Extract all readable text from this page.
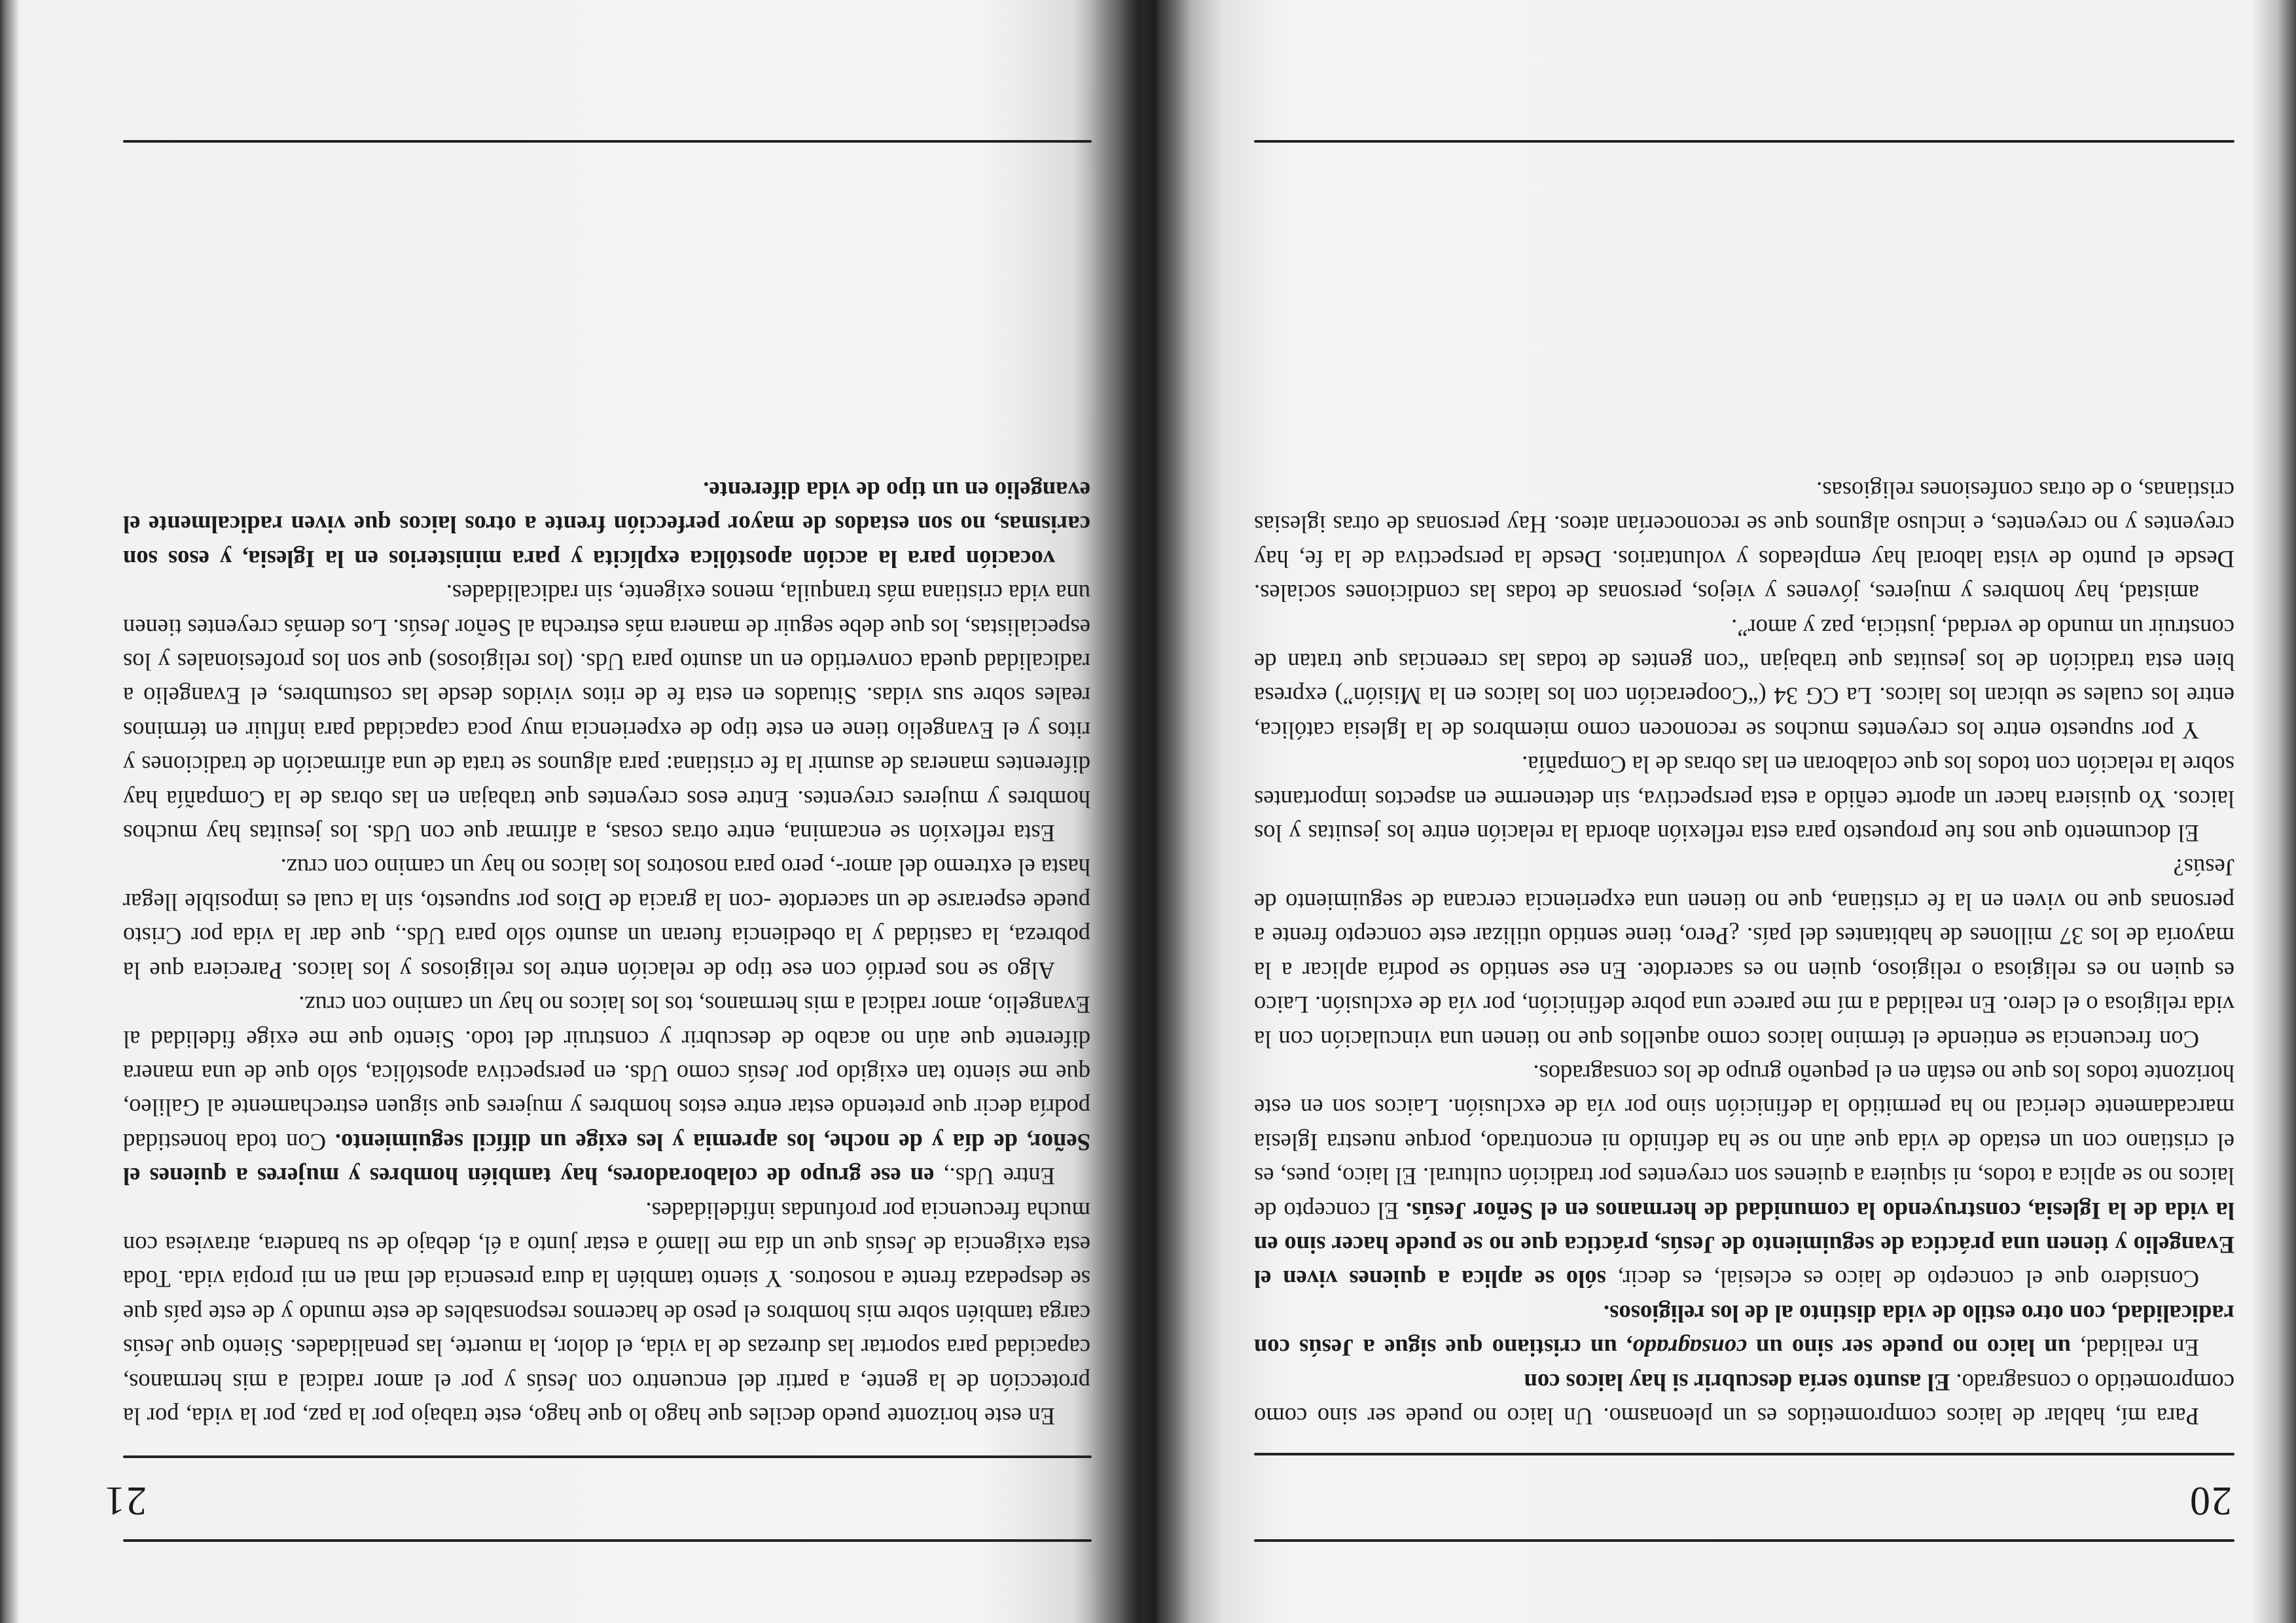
20

Para mí, hablar de laicos comprometidos es un pleonasmo. Un laico no puede ser sino como comprometido o consagrado. El asunto sería descubrir si hay laicos con

En realidad, un laico no puede ser sino un consagrado, un cristiano que sigue a Jesús con radicalidad, con otro estilo de vida distinto al de los religiosos.

Considero que el concepto de laico es eclesial, es decir, sólo se aplica a quienes viven el Evangelio y tienen una práctica de seguimiento de Jesús, práctica que no se puede hacer sino en la vida de la Iglesia, construyendo la comunidad de hermanos en el Señor Jesús. El concepto de laicos no se aplica a todos, ni siquiera a quienes son creyentes por tradición cultural. El laico, pues, es el cristiano con un estado de vida que aún no se ha definido ni encontrado, porque nuestra Iglesia marcadamente clerical no ha permitido la definición sino por vía de exclusión. Laicos son en este horizonte todos los que no están en el pequeño grupo de los consagrados.

Con frecuencia se entiende el término laicos como aquellos que no tienen una vinculación con la vida religiosa o el clero. En realidad a mí me parece una pobre definición, por vía de exclusión. Laico es quien no es religiosa o religioso, quien no es sacerdote. En ese sentido se podría aplicar a la mayoría de los 37 millones de habitantes del país. ¿Pero, tiene sentido utilizar este concepto frente a personas que no viven en la fe cristiana, que no tienen una experiencia cercana de seguimiento de Jesús?

El documento que nos fue propuesto para esta reflexión aborda la relación entre los jesuitas y los laicos. Yo quisiera hacer un aporte ceñido a esta perspectiva, sin detenerme en aspectos importantes sobre la relación con todos los que colaboran en las obras de la Compañía.

Y por supuesto entre los creyentes muchos se reconocen como miembros de la Iglesia católica, entre los cuales se ubican los laicos. La CG 34 (“Cooperación con los laicos en la Misión”) expresa bien esta tradición de los jesuitas que trabajan “con gentes de todas las creencias que tratan de construir un mundo de verdad, justicia, paz y amor”.

amistad, hay hombres y mujeres, jóvenes y viejos, personas de todas las condiciones sociales. Desde el punto de vista laboral hay empleados y voluntarios. Desde la perspectiva de la fe, hay creyentes y no creyentes, e incluso algunos que se reconocerían ateos. Hay personas de otras iglesias cristianas, o de otras confesiones religiosas.

21

En este horizonte puedo deciles que hago lo que hago, este trabajo por la paz, por la vida, por la protección de la gente, a partir del encuentro con Jesús y por el amor radical a mis hermanos, capacidad para soportar las durezas de la vida, el dolor, la muerte, las penalidades. Siento que Jesús carga también sobre mis hombros el peso de hacernos responsables de este mundo y de este país que se despedaza frente a nosotros. Y siento también la dura presencia del mal en mi propia vida. Toda esta exigencia de Jesús que un día me llamó a estar junto a él, debajo de su bandera, atraviesa con mucha frecuencia por profundas infidelidades.

Entre Uds., en ese grupo de colaboradores, hay también hombres y mujeres a quienes el Señor, de día y de noche, los apremia y les exige un difícil seguimiento. Con toda honestidad podría decir que pretendo estar entre estos hombres y mujeres que siguen estrechamente al Galileo, que me siento tan exigido por Jesús como Uds. en perspectiva apostólica, sólo que de una manera diferente que aún no acabo de descubrir y construir del todo. Siento que me exige fidelidad al Evangelio, amor radical a mis hermanos, tos los laicos no hay un camino con cruz.

Algo se nos perdió con ese tipo de relación entre los religiosos y los laicos. Pareciera que la pobreza, la castidad y la obediencia fueran un asunto sólo para Uds., que dar la vida por Cristo puede esperarse de un sacerdote -con la gracia de Dios por supuesto, sin la cual es imposible llegar hasta el extremo del amor-, pero para nosotros los laicos no hay un camino con cruz.

Esta reflexión se encamina, entre otras cosas, a afirmar que con Uds. los jesuitas hay muchos hombres y mujeres creyentes. Entre esos creyentes que trabajan en las obras de la Compañía hay diferentes maneras de asumir la fe cristiana: para algunos se trata de una afirmación de tradiciones y ritos y el Evangelio tiene en este tipo de experiencia muy poca capacidad para influir en términos reales sobre sus vidas. Situados en esta fe de ritos vividos desde las costumbres, el Evangelio a radicalidad queda convertido en un asunto para Uds. (los religiosos) que son los profesionales y los especialistas, los que debe seguir de manera más estrecha al Señor Jesús. Los demás creyentes tienen una vida cristiana más tranquila, menos exigente, sin radicalidades.

vocación para la acción apostólica explícita y para ministerios en la Iglesia, y esos son carismas, no son estados de mayor perfección frente a otros laicos que viven radicalmente el evangelio en un tipo de vida diferente.
